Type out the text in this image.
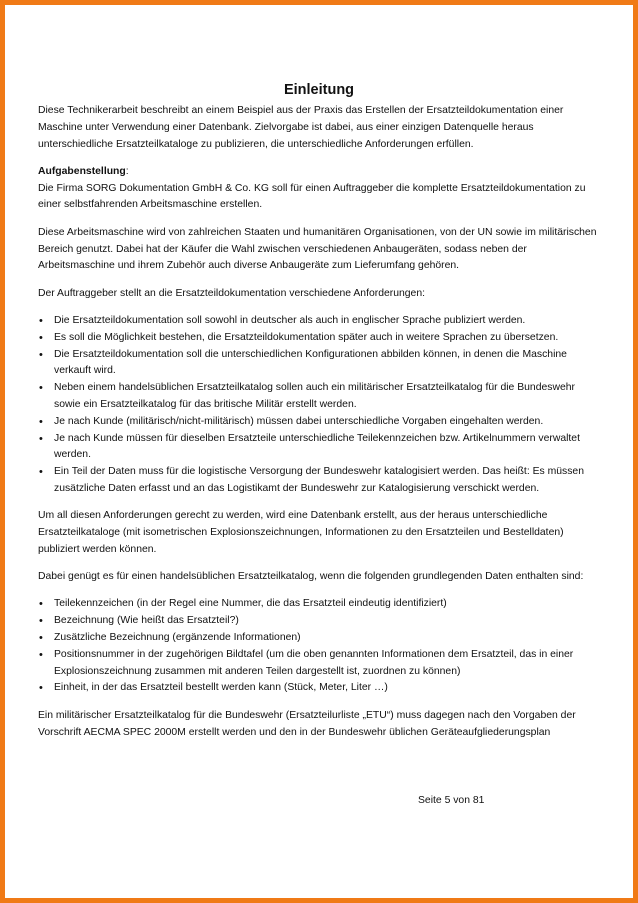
Einleitung

Diese Technikerarbeit beschreibt an einem Beispiel aus der Praxis das Erstellen der Ersatzteildokumentation einer Maschine unter Verwendung einer Datenbank. Zielvorgabe ist dabei, aus einer einzigen Datenquelle heraus unterschiedliche Ersatzteilkataloge zu publizieren, die unterschiedliche Anforderungen erfüllen.

Aufgabenstellung:

Die Firma SORG Dokumentation GmbH & Co. KG soll für einen Auftraggeber die komplette Ersatzteildokumentation zu einer selbstfahrenden Arbeitsmaschine erstellen.

Diese Arbeitsmaschine wird von zahlreichen Staaten und humanitären Organisationen, von der UN sowie im militärischen Bereich genutzt. Dabei hat der Käufer die Wahl zwischen verschiedenen Anbaugeräten, sodass neben der Arbeitsmaschine und ihrem Zubehör auch diverse Anbaugeräte zum Lieferumfang gehören.

Der Auftraggeber stellt an die Ersatzteildokumentation verschiedene Anforderungen:

• Die Ersatzteildokumentation soll sowohl in deutscher als auch in englischer Sprache publiziert werden.
• Es soll die Möglichkeit bestehen, die Ersatzteildokumentation später auch in weitere Sprachen zu übersetzen.
• Die Ersatzteildokumentation soll die unterschiedlichen Konfigurationen abbilden können, in denen die Maschine verkauft wird.
• Neben einem handelsüblichen Ersatzteilkatalog sollen auch ein militärischer Ersatzteilkatalog für die Bundeswehr sowie ein Ersatzteilkatalog für das britische Militär erstellt werden.
• Je nach Kunde (militärisch/nicht-militärisch) müssen dabei unterschiedliche Vorgaben eingehalten werden.
• Je nach Kunde müssen für dieselben Ersatzteile unterschiedliche Teilekennzeichen bzw. Artikelnummern verwaltet werden.
• Ein Teil der Daten muss für die logistische Versorgung der Bundeswehr katalogisiert werden. Das heißt: Es müssen zusätzliche Daten erfasst und an das Logistikamt der Bundeswehr zur Katalogisierung verschickt werden.

Um all diesen Anforderungen gerecht zu werden, wird eine Datenbank erstellt, aus der heraus unterschiedliche Ersatzteilkataloge (mit isometrischen Explosionszeichnungen, Informationen zu den Ersatzteilen und Bestelldaten) publiziert werden können.

Dabei genügt es für einen handelsüblichen Ersatzteilkatalog, wenn die folgenden grundlegenden Daten enthalten sind:

• Teilekennzeichen (in der Regel eine Nummer, die das Ersatzteil eindeutig identifiziert)
• Bezeichnung (Wie heißt das Ersatzteil?)
• Zusätzliche Bezeichnung (ergänzende Informationen)
• Positionsnummer in der zugehörigen Bildtafel (um die oben genannten Informationen dem Ersatzteil, das in einer Explosionszeichnung zusammen mit anderen Teilen dargestellt ist, zuordnen zu können)
• Einheit, in der das Ersatzteil bestellt werden kann (Stück, Meter, Liter …)

Ein militärischer Ersatzteilkatalog für die Bundeswehr (Ersatzteilurliste „ETU“) muss dagegen nach den Vorgaben der Vorschrift AECMA SPEC 2000M erstellt werden und den in der Bundeswehr üblichen Geräteaufgliederungsplan

Seite 5 von 81
